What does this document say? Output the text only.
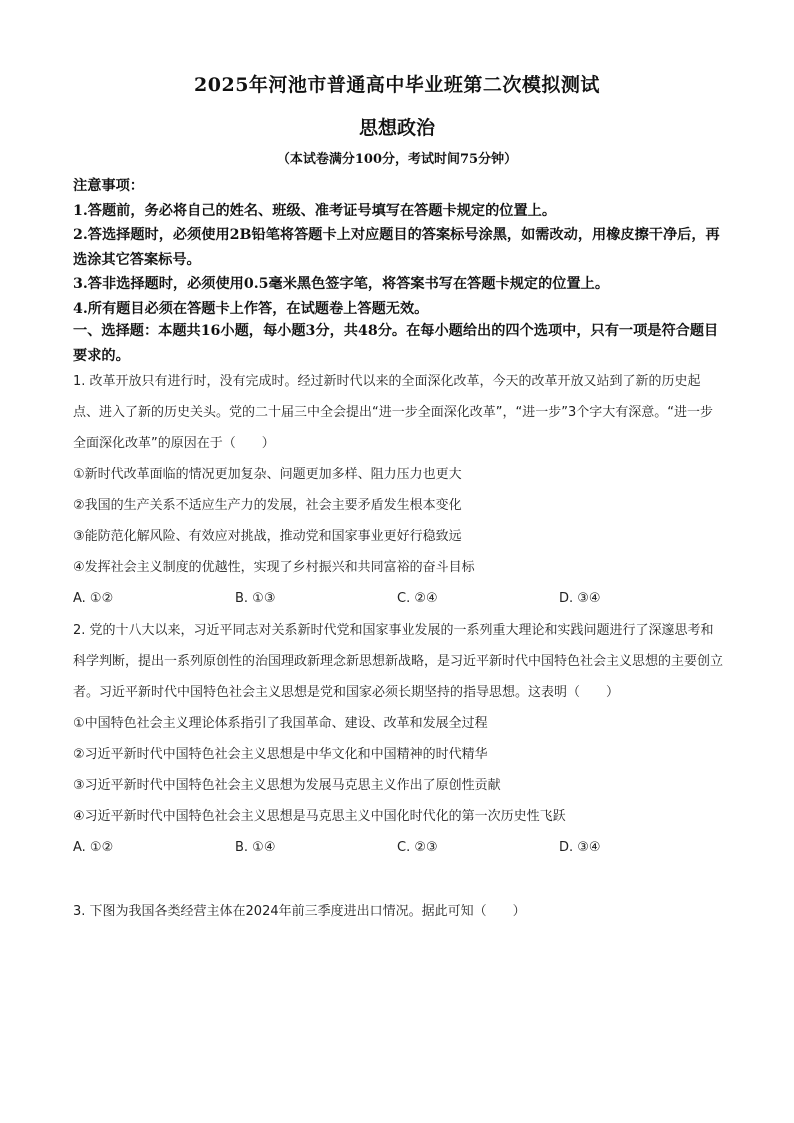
2025年河池市普通高中毕业班第二次模拟测试
思想政治
（本试卷满分100分，考试时间75分钟）
注意事项：
1.答题前，务必将自己的姓名、班级、准考证号填写在答题卡规定的位置上。
2.答选择题时，必须使用2B铅笔将答题卡上对应题目的答案标号涂黑，如需改动，用橡皮擦干净后，再选涂其它答案标号。
3.答非选择题时，必须使用0.5毫米黑色签字笔，将答案书写在答题卡规定的位置上。
4.所有题目必须在答题卡上作答，在试题卷上答题无效。
一、选择题：本题共16小题，每小题3分，共48分。在每小题给出的四个选项中，只有一项是符合题目要求的。

1. 改革开放只有进行时，没有完成时。经过新时代以来的全面深化改革，今天的改革开放又站到了新的历史起点、进入了新的历史关头。党的二十届三中全会提出“进一步全面深化改革”，“进一步”3个字大有深意。“进一步全面深化改革”的原因在于（　　）

①新时代改革面临的情况更加复杂、问题更加多样、阻力压力也更大

②我国的生产关系不适应生产力的发展，社会主要矛盾发生根本变化

③能防范化解风险、有效应对挑战，推动党和国家事业更好行稳致远

④发挥社会主义制度的优越性，实现了乡村振兴和共同富裕的奋斗目标

A. ①②	B. ①③	C. ②④	D. ③④

2. 党的十八大以来，习近平同志对关系新时代党和国家事业发展的一系列重大理论和实践问题进行了深邃思考和科学判断，提出一系列原创性的治国理政新理念新思想新战略，是习近平新时代中国特色社会主义思想的主要创立者。习近平新时代中国特色社会主义思想是党和国家必须长期坚持的指导思想。这表明（　　）

①中国特色社会主义理论体系指引了我国革命、建设、改革和发展全过程

②习近平新时代中国特色社会主义思想是中华文化和中国精神的时代精华

③习近平新时代中国特色社会主义思想为发展马克思主义作出了原创性贡献

④习近平新时代中国特色社会主义思想是马克思主义中国化时代化的第一次历史性飞跃

A. ①②	B. ①④	C. ②③	D. ③④

3. 下图为我国各类经营主体在2024年前三季度进出口情况。据此可知（　　）
